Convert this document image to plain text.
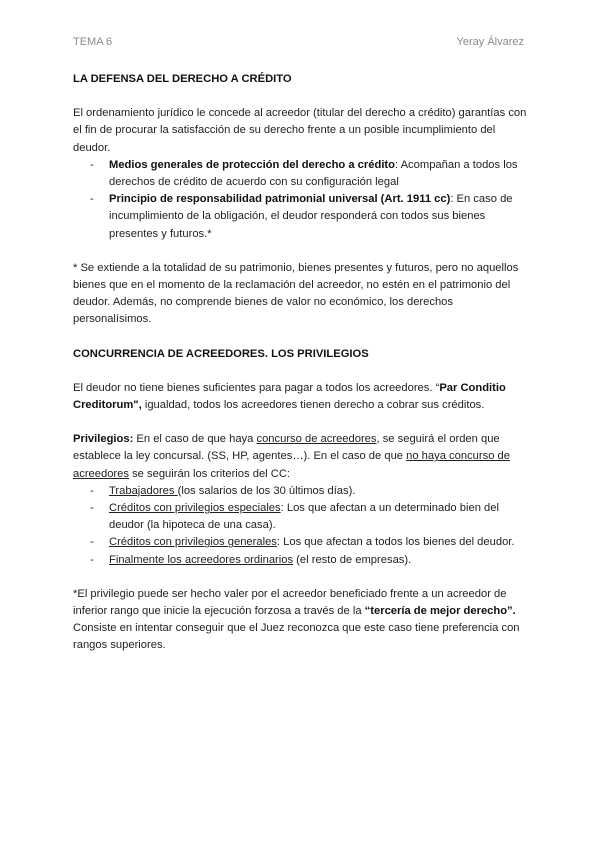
TEMA 6	Yeray Álvarez
LA DEFENSA DEL DERECHO A CRÉDITO

El ordenamiento jurídico le concede al acreedor (titular del derecho a crédito) garantías con el fin de procurar la satisfacción de su derecho frente a un posible incumplimiento del deudor.

- Medios generales de protección del derecho a crédito: Acompañan a todos los derechos de crédito de acuerdo con su configuración legal
- Principio de responsabilidad patrimonial universal (Art. 1911 cc): En caso de incumplimiento de la obligación, el deudor responderá con todos sus bienes presentes y futuros.*

* Se extiende a la totalidad de su patrimonio, bienes presentes y futuros, pero no aquellos bienes que en el momento de la reclamación del acreedor, no estén en el patrimonio del deudor. Además, no comprende bienes de valor no económico, los derechos personalísimos.

CONCURRENCIA DE ACREEDORES. LOS PRIVILEGIOS

El deudor no tiene bienes suficientes para pagar a todos los acreedores. “Par Conditio Creditorum", igualdad, todos los acreedores tienen derecho a cobrar sus créditos.

Privilegios: En el caso de que haya concurso de acreedores, se seguirá el orden que establece la ley concursal. (SS, HP, agentes…). En el caso de que no haya concurso de acreedores se seguirán los criterios del CC:

- Trabajadores (los salarios de los 30 últimos días).
- Créditos con privilegios especiales: Los que afectan a un determinado bien del deudor (la hipoteca de una casa).
- Créditos con privilegios generales: Los que afectan a todos los bienes del deudor.
- Finalmente los acreedores ordinarios (el resto de empresas).

*El privilegio puede ser hecho valer por el acreedor beneficiado frente a un acreedor de inferior rango que inicie la ejecución forzosa a través de la “tercería de mejor derecho”. Consiste en intentar conseguir que el Juez reconozca que este caso tiene preferencia con rangos superiores.
